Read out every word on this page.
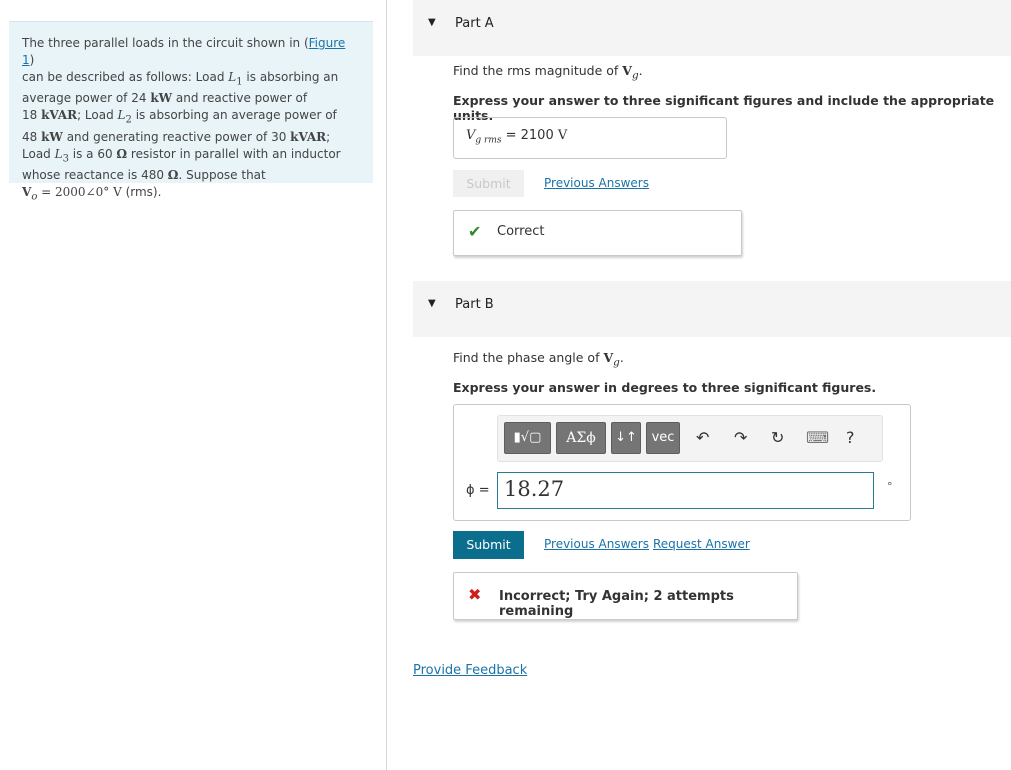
The three parallel loads in the circuit shown in (Figure 1)
can be described as follows: Load $L_1$ is absorbing an
average power of 24 kW and reactive power of
18 kVAR; Load $L_2$ is absorbing an average power of
48 kW and generating reactive power of 30 kVAR;
Load $L_3$ is a 60 Ω resistor in parallel with an inductor
whose reactance is 480 Ω. Suppose that
$V_o$ = 2000∠0° V (rms).
▼ Part A
Find the rms magnitude of $V_g$.
Express your answer to three significant figures and include the appropriate units.
$V_{g rms} = 2100$ V
Submit	Previous Answers
✔ Correct
▼ Part B
Find the phase angle of $V_g$.
Express your answer in degrees to three significant figures.
▮√▢	ΑΣϕ	↓↑	vec	↶ ↷ ↻ ⌨ ?
ϕ = 18.27	°
Submit	Previous Answers Request Answer
✖ Incorrect; Try Again; 2 attempts remaining
Provide Feedback
